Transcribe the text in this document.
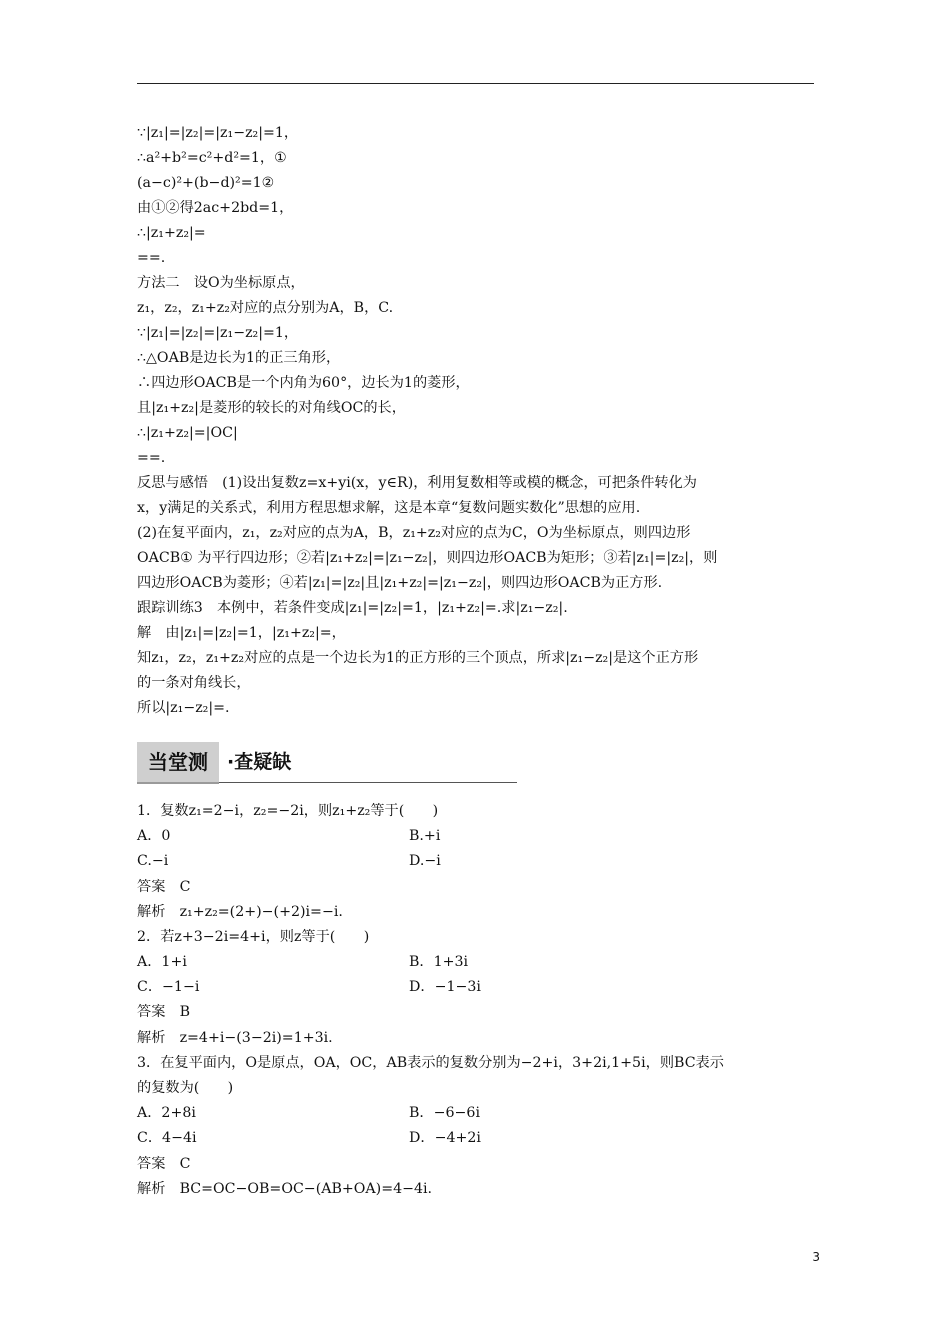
∵|z₁|=|z₂|=|z₁−z₂|=1，
∴a²+b²=c²+d²=1，①
(a−c)²+(b−d)²=1②
由①②得2ac+2bd=1，
∴|z₁+z₂|=
==.
方法二　设O为坐标原点，
z₁，z₂，z₁+z₂对应的点分别为A，B，C.
∵|z₁|=|z₂|=|z₁−z₂|=1，
∴△OAB是边长为1的正三角形，
∴四边形OACB是一个内角为60°，边长为1的菱形，
且|z₁+z₂|是菱形的较长的对角线OC的长，
∴|z₁+z₂|=|OC|
==.
反思与感悟　(1)设出复数z=x+yi(x，y∈R)，利用复数相等或模的概念，可把条件转化为
x，y满足的关系式，利用方程思想求解，这是本章“复数问题实数化”思想的应用.
(2)在复平面内，z₁，z₂对应的点为A，B，z₁+z₂对应的点为C，O为坐标原点，则四边形
OACB① 为平行四边形；②若|z₁+z₂|=|z₁−z₂|，则四边形OACB为矩形；③若|z₁|=|z₂|，则
四边形OACB为菱形；④若|z₁|=|z₂|且|z₁+z₂|=|z₁−z₂|，则四边形OACB为正方形.
跟踪训练3　本例中，若条件变成|z₁|=|z₂|=1，|z₁+z₂|=.求|z₁−z₂|.
解　由|z₁|=|z₂|=1，|z₁+z₂|=，
知z₁，z₂，z₁+z₂对应的点是一个边长为1的正方形的三个顶点，所求|z₁−z₂|是这个正方形
的一条对角线长，
所以|z₁−z₂|=.
当堂测	·查疑缺
1．复数z₁=2−i，z₂=−2i，则z₁+z₂等于(　　)
A．0	B.+i
C.−i	D.−i
答案　C
解析　z₁+z₂=(2+)−(+2)i=−i.
2．若z+3−2i=4+i，则z等于(　　)
A．1+i	B．1+3i
C．−1−i	D．−1−3i
答案　B
解析　z=4+i−(3−2i)=1+3i.
3．在复平面内，O是原点，OA，OC，AB表示的复数分别为−2+i，3+2i,1+5i，则BC表示
的复数为(　　)
A．2+8i	B．−6−6i
C．4−4i	D．−4+2i
答案　C
解析　BC=OC−OB=OC−(AB+OA)=4−4i.
3
